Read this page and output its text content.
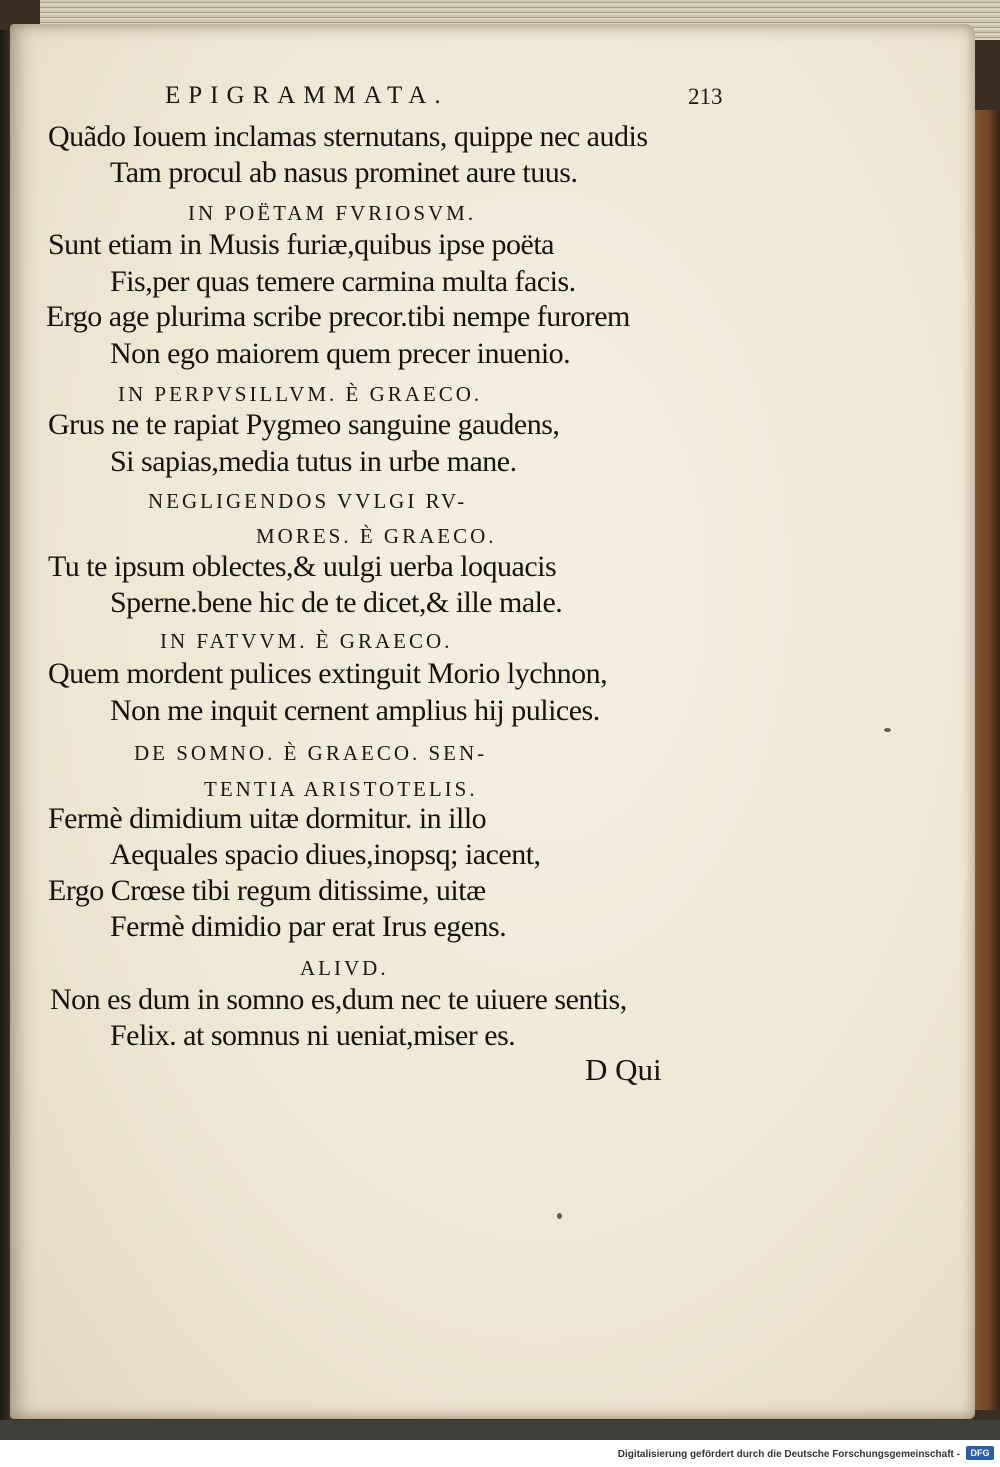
EPIGRAMMATA.	213
Quãdo Iouem inclamas sternutans, quippe nec audis
Tam procul ab nasus prominet aure tuus.
IN POËTAM FVRIOSVM.
Sunt etiam in Musis furiæ,quibus ipse poëta
Fis,per quas temere carmina multa facis.
Ergo age plurima scribe precor.tibi nempe furorem
Non ego maiorem quem precer inuenio.
IN PERPVSILLVM. È GRAECO.
Grus ne te rapiat Pygmeo sanguine gaudens,
Si sapias,media tutus in urbe mane.
NEGLIGENDOS VVLGI RV-
MORES. È GRAECO.
Tu te ipsum oblectes,& uulgi uerba loquacis
Sperne.bene hic de te dicet,& ille male.
IN FATVVM. È GRAECO.
Quem mordent pulices extinguit Morio lychnon,
Non me inquit cernent amplius hij pulices.
DE SOMNO. È GRAECO. SEN-
TENTIA ARISTOTELIS.
Fermè dimidium uitæ dormitur. in illo
Aequales spacio diues,inopsq; iacent,
Ergo Crœse tibi regum ditissime, uitæ
Fermè dimidio par erat Irus egens.
ALIVD.
Non es dum in somno es,dum nec te uiuere sentis,
Felix. at somnus ni ueniat,miser es.
D Qui
Digitalisierung gefördert durch die Deutsche Forschungsgemeinschaft -	DFG
